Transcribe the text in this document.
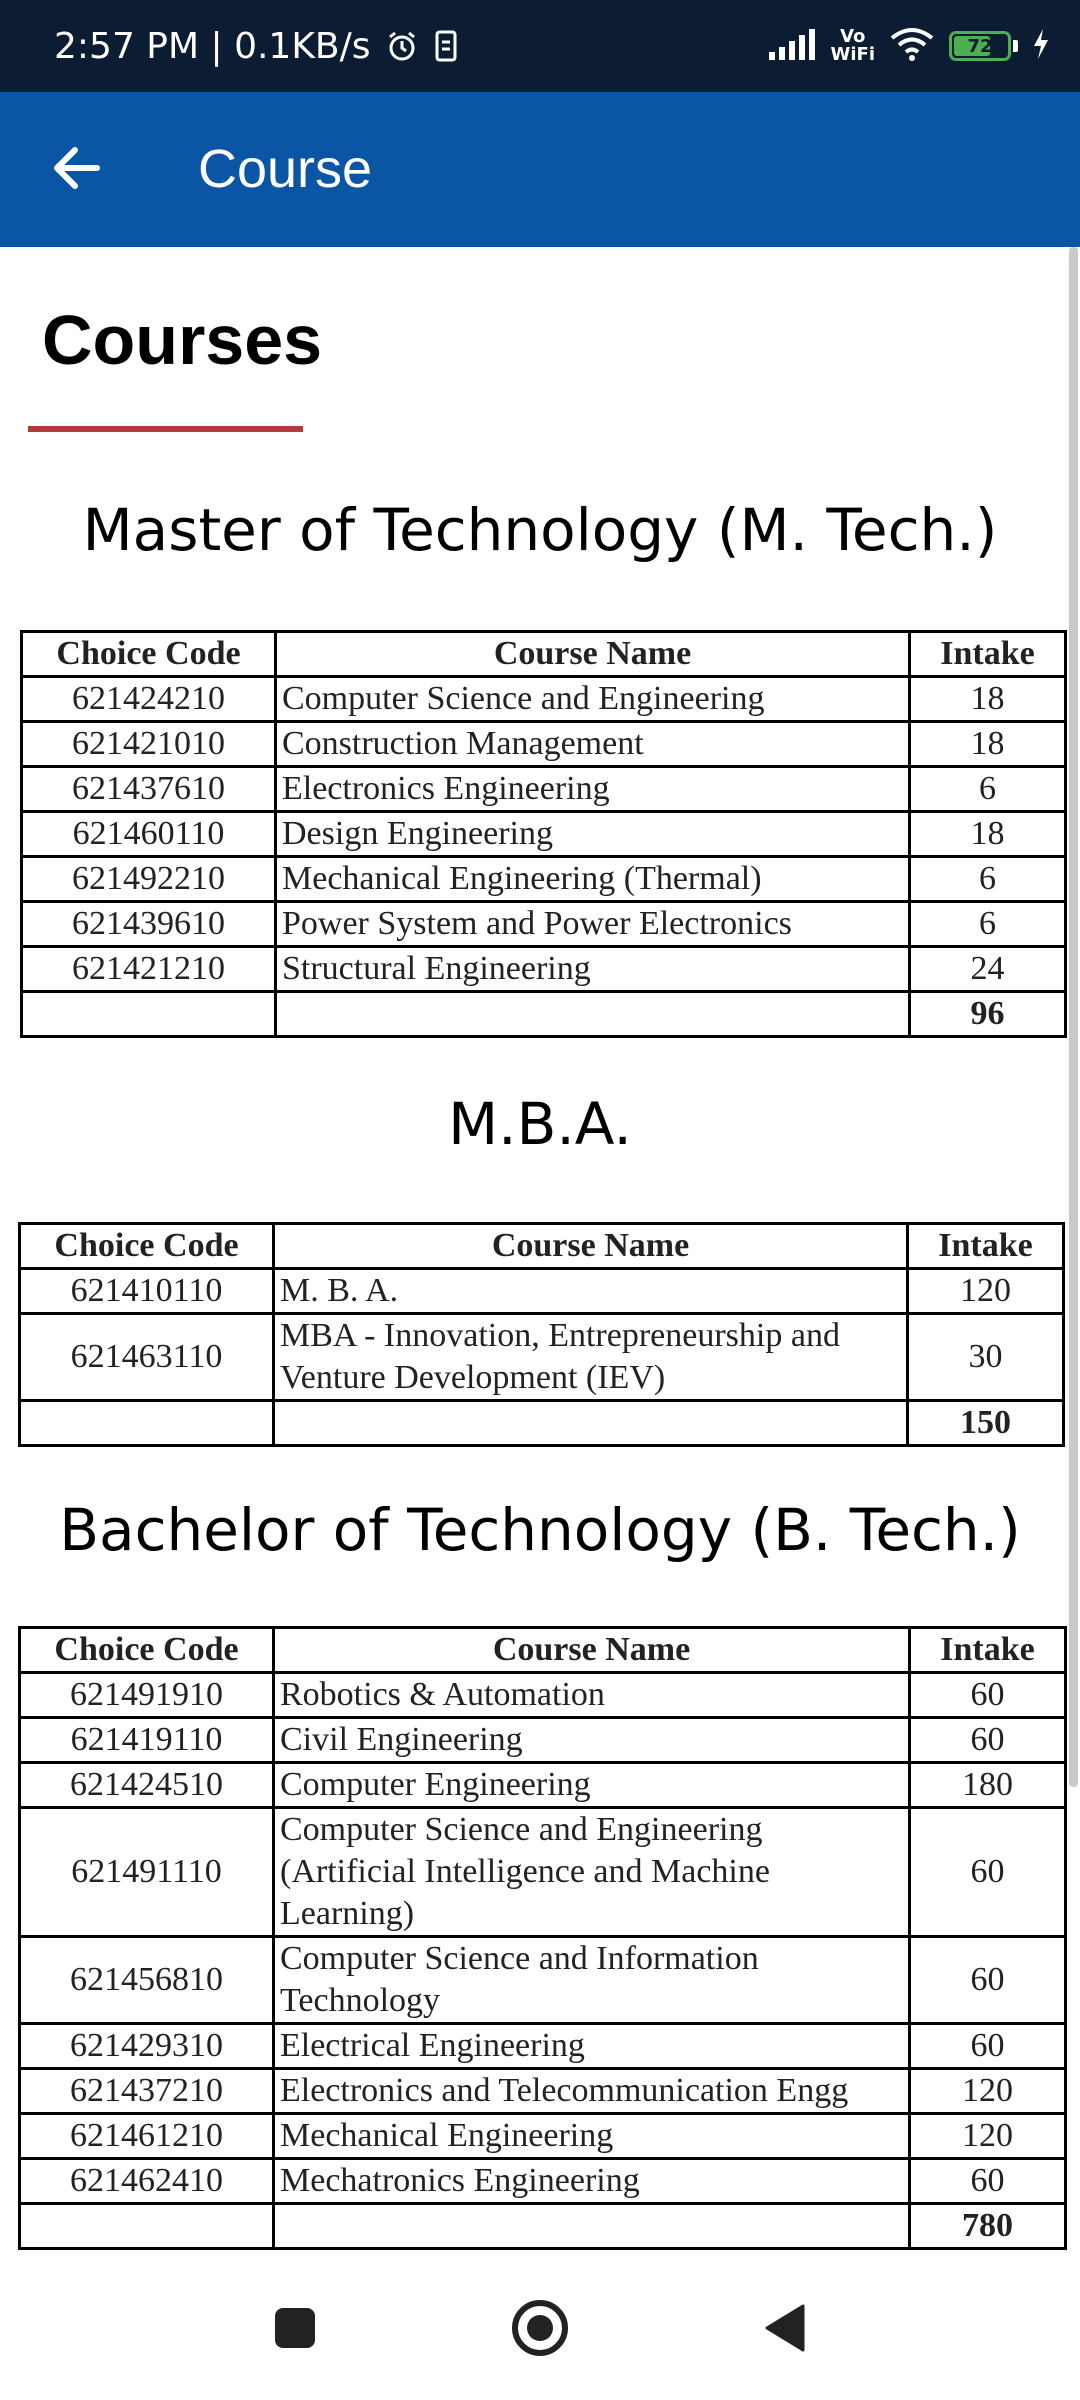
2:57 PM | 0.1KB/s	Vo
WiFi	72
Course
Courses
Master of Technology (M. Tech.)
Choice Code	Course Name	Intake
621424210	Computer Science and Engineering	18
621421010	Construction Management	18
621437610	Electronics Engineering	6
621460110	Design Engineering	18
621492210	Mechanical Engineering (Thermal)	6
621439610	Power System and Power Electronics	6
621421210	Structural Engineering	24
		96
M.B.A.
Choice Code	Course Name	Intake
621410110	M. B. A.	120
621463110	MBA - Innovation, Entrepreneurship and Venture Development (IEV)	30
		150
Bachelor of Technology (B. Tech.)
Choice Code	Course Name	Intake
621491910	Robotics & Automation	60
621419110	Civil Engineering	60
621424510	Computer Engineering	180
621491110	Computer Science and Engineering (Artificial Intelligence and Machine Learning)	60
621456810	Computer Science and Information Technology	60
621429310	Electrical Engineering	60
621437210	Electronics and Telecommunication Engg	120
621461210	Mechanical Engineering	120
621462410	Mechatronics Engineering	60
		780
